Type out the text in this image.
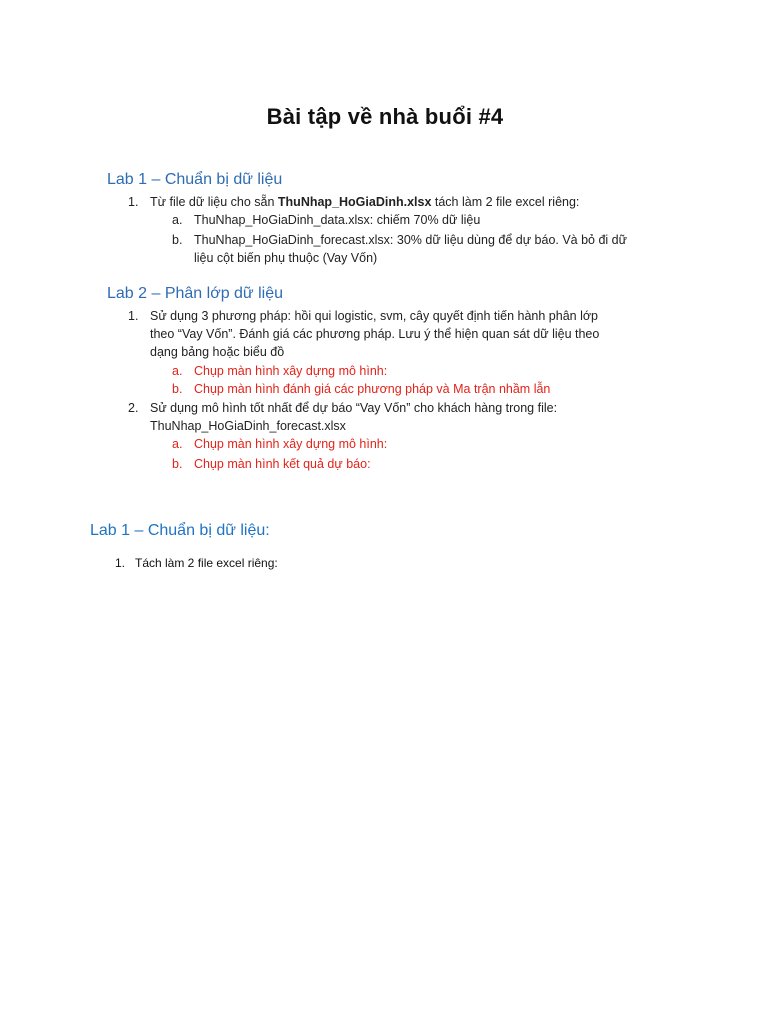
Bài tập về nhà buổi #4
Lab 1 – Chuẩn bị dữ liệu
1. Từ file dữ liệu cho sẵn ThuNhap_HoGiaDinh.xlsx tách làm 2 file excel riêng:
a. ThuNhap_HoGiaDinh_data.xlsx: chiếm 70% dữ liệu
b. ThuNhap_HoGiaDinh_forecast.xlsx: 30% dữ liệu dùng để dự báo. Và bỏ đi dữ
liệu cột biến phụ thuộc (Vay Vốn)
Lab 2 – Phân lớp dữ liệu
1. Sử dụng 3 phương pháp: hồi qui logistic, svm, cây quyết định tiến hành phân lớp
theo “Vay Vốn”. Đánh giá các phương pháp. Lưu ý thể hiện quan sát dữ liệu theo
dạng bảng hoặc biểu đồ
a. Chụp màn hình xây dựng mô hình:
b. Chụp màn hình đánh giá các phương pháp và Ma trận nhầm lẫn
2. Sử dụng mô hình tốt nhất để dự báo “Vay Vốn” cho khách hàng trong file:
ThuNhap_HoGiaDinh_forecast.xlsx
a. Chụp màn hình xây dựng mô hình:
b. Chụp màn hình kết quả dự báo:
Lab 1 – Chuẩn bị dữ liệu:
1. Tách làm 2 file excel riêng:
